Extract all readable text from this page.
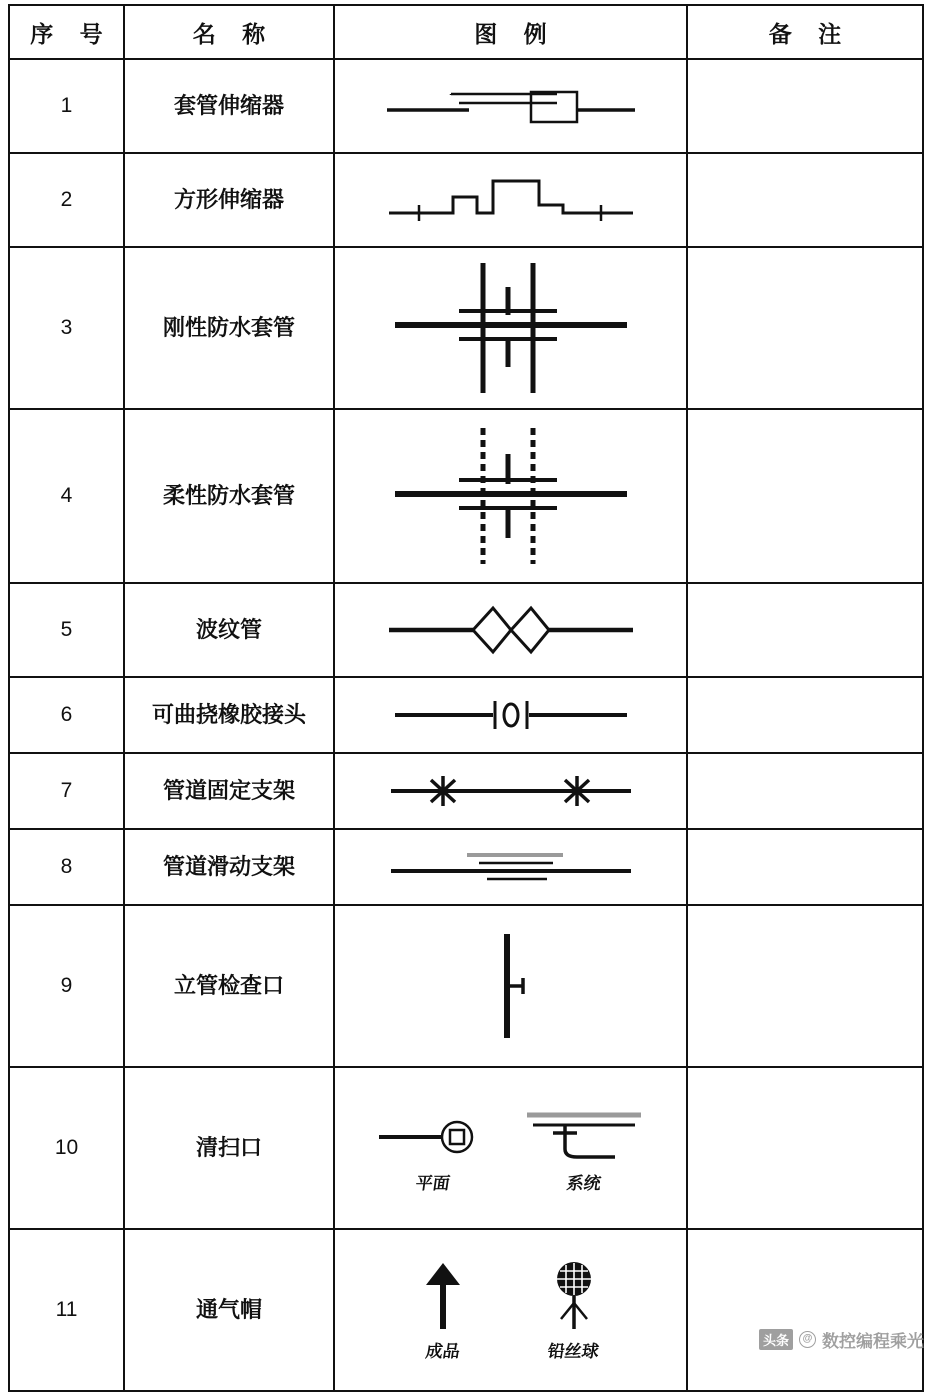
序 号	名 称	图 例	备 注
1	套管伸缩器	

2	方形伸缩器	

3	刚性防水套管	

4	柔性防水套管	

5	波纹管	

6	可曲挠橡胶接头	

7	管道固定支架	

8	管道滑动支架	

9	立管检查口	

10	清扫口	平面 系统	

11	通气帽	成品 铅丝球	

头条	@ 数控编程乘光
